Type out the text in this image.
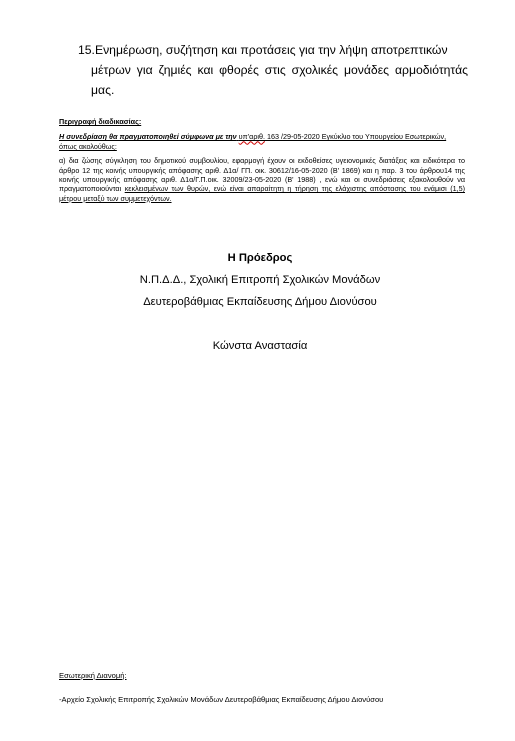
15.Ενημέρωση, συζήτηση και προτάσεις για την λήψη αποτρεπτικών
μέτρων για ζημιές και φθορές στις σχολικές μονάδες αρμοδιότητάς μας.
Περιγραφή διαδικασίας:
Η συνεδρίαση θα πραγματοποιηθεί σύμφωνα με την υπ’αριθ. 163 /29-05-2020 Εγκύκλιο του Υπουργείου Εσωτερικών, όπως ακολούθως:
α) δια ζώσης σύγκληση του δημοτικού συμβουλίου, εφαρμογή έχουν οι εκδοθείσες υγειονομικές διατάξεις και ειδικότερα το άρθρο 12 της κοινής υπουργικής απόφασης αριθ. Δ1α/ ΓΠ. οικ. 30612/16-05-2020 (Β' 1869) και η παρ. 3 του άρθρου14 της κοινής υπουργικής απόφασης αριθ. Δ1α/Γ.Π.οικ. 32009/23-05-2020 (Β' 1988) , ενώ και οι συνεδριάσεις εξακολουθούν να πραγματοποιούνται κεκλεισμένων των θυρών, ενώ είναι απαραίτητη η τήρηση της ελάχιστης απόστασης του ενάμισι (1,5) μέτρου μεταξύ των συμμετεχόντων.
Η Πρόεδρος
Ν.Π.Δ.Δ., Σχολική Επιτροπή Σχολικών Μονάδων
Δευτεροβάθμιας Εκπαίδευσης Δήμου Διονύσου
Κώνστα Αναστασία
Εσωτερική Διανομή:
-Αρχείο Σχολικής Επιτροπής Σχολικών Μονάδων Δευτεροβάθμιας Εκπαίδευσης Δήμου Διονύσου
